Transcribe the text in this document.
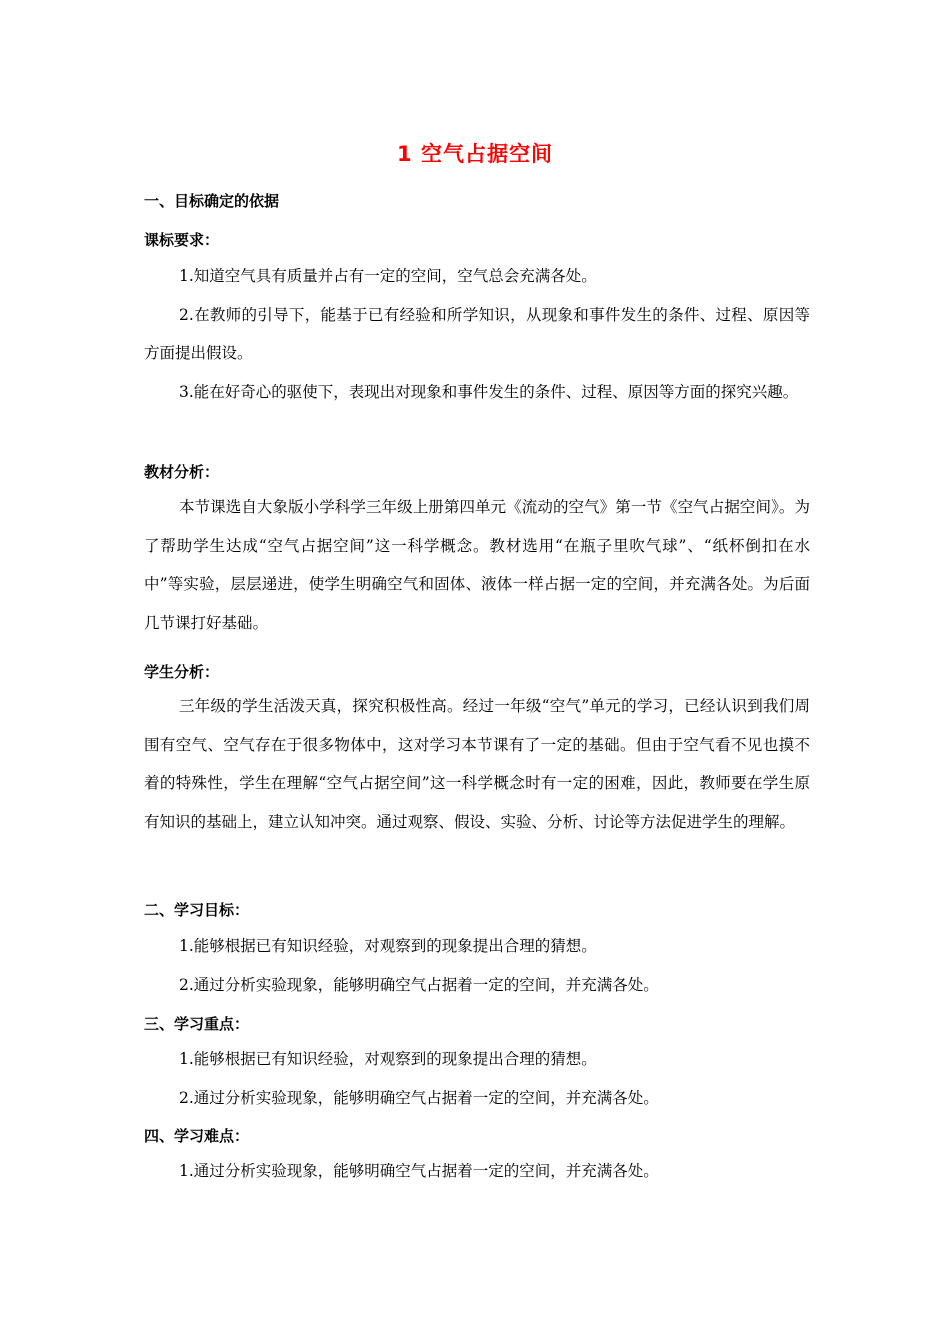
1 空气占据空间
一、目标确定的依据
课标要求：

1.知道空气具有质量并占有一定的空间，空气总会充满各处。

2.在教师的引导下，能基于已有经验和所学知识，从现象和事件发生的条件、过程、原因等方面提出假设。

3.能在好奇心的驱使下，表现出对现象和事件发生的条件、过程、原因等方面的探究兴趣。

教材分析：

本节课选自大象版小学科学三年级上册第四单元《流动的空气》第一节《空气占据空间》。为了帮助学生达成“空气占据空间”这一科学概念。教材选用“在瓶子里吹气球”、“纸杯倒扣在水中”等实验，层层递进，使学生明确空气和固体、液体一样占据一定的空间，并充满各处。为后面几节课打好基础。

学生分析：

三年级的学生活泼天真，探究积极性高。经过一年级“空气”单元的学习，已经认识到我们周围有空气、空气存在于很多物体中，这对学习本节课有了一定的基础。但由于空气看不见也摸不着的特殊性，学生在理解“空气占据空间”这一科学概念时有一定的困难，因此，教师要在学生原有知识的基础上，建立认知冲突。通过观察、假设、实验、分析、讨论等方法促进学生的理解。

二、学习目标：

1.能够根据已有知识经验，对观察到的现象提出合理的猜想。

2.通过分析实验现象，能够明确空气占据着一定的空间，并充满各处。

三、学习重点：

1.能够根据已有知识经验，对观察到的现象提出合理的猜想。

2.通过分析实验现象，能够明确空气占据着一定的空间，并充满各处。

四、学习难点：

1.通过分析实验现象，能够明确空气占据着一定的空间，并充满各处。
